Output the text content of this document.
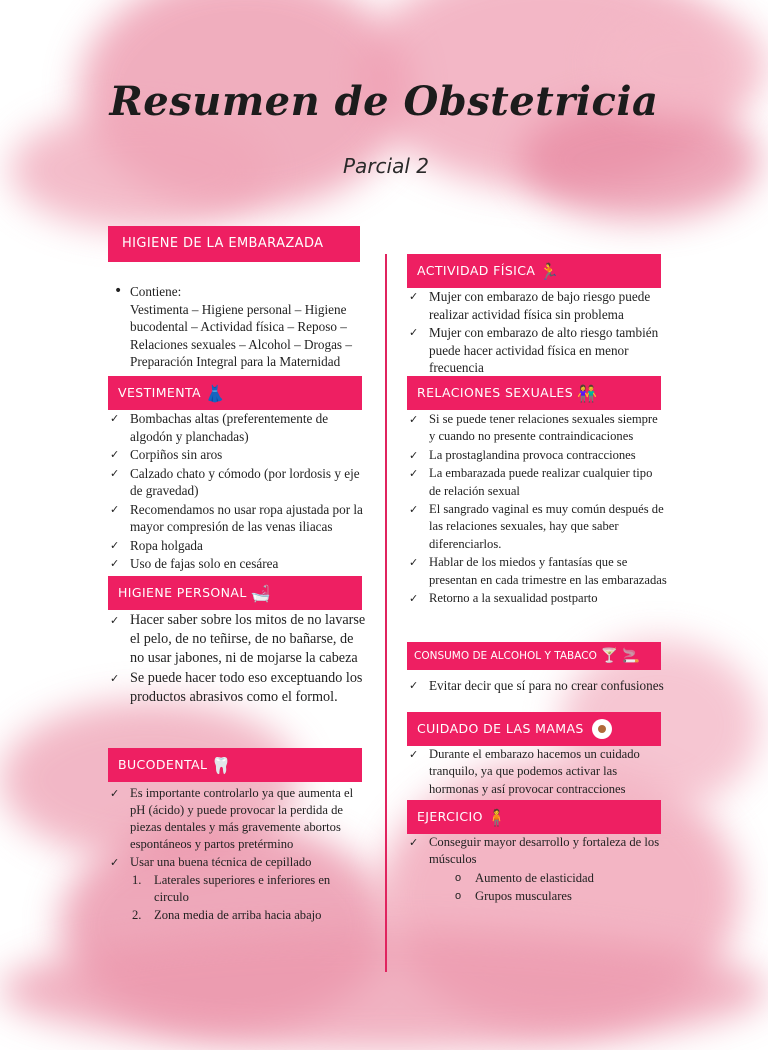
Resumen de Obstetricia
Parcial 2
HIGIENE DE LA EMBARAZADA
• Contiene:
Vestimenta – Higiene personal – Higiene bucodental – Actividad física – Reposo – Relaciones sexuales – Alcohol – Drogas – Preparación Integral para la Maternidad
VESTIMENTA 👗
✓ Bombachas altas (preferentemente de algodón y planchadas)
✓ Corpiños sin aros
✓ Calzado chato y cómodo (por lordosis y eje de gravedad)
✓ Recomendamos no usar ropa ajustada por la mayor compresión de las venas iliacas
✓ Ropa holgada
✓ Uso de fajas solo en cesárea
HIGIENE PERSONAL 🛁
✓ Hacer saber sobre los mitos de no lavarse el pelo, de no teñirse, de no bañarse, de no usar jabones, ni de mojarse la cabeza
✓ Se puede hacer todo eso exceptuando los productos abrasivos como el formol.
BUCODENTAL 🦷
✓ Es importante controlarlo ya que aumenta el pH (ácido) y puede provocar la perdida de piezas dentales y más gravemente abortos espontáneos y partos pretérmino
✓ Usar una buena técnica de cepillado
1. Laterales superiores e inferiores en circulo
2. Zona media de arriba hacia abajo
ACTIVIDAD FÍSICA 🏃
✓ Mujer con embarazo de bajo riesgo puede realizar actividad física sin problema
✓ Mujer con embarazo de alto riesgo también puede hacer actividad física en menor frecuencia
RELACIONES SEXUALES 👫
✓ Si se puede tener relaciones sexuales siempre y cuando no presente contraindicaciones
✓ La prostaglandina provoca contracciones
✓ La embarazada puede realizar cualquier tipo de relación sexual
✓ El sangrado vaginal es muy común después de las relaciones sexuales, hay que saber diferenciarlos.
✓ Hablar de los miedos y fantasías que se presentan en cada trimestre en las embarazadas
✓ Retorno a la sexualidad postparto
CONSUMO DE ALCOHOL Y TABACO 🍸 🚬
✓ Evitar decir que sí para no crear confusiones
CUIDADO DE LAS MAMAS
✓ Durante el embarazo hacemos un cuidado tranquilo, ya que podemos activar las hormonas y así provocar contracciones
EJERCICIO 🧍
✓ Conseguir mayor desarrollo y fortaleza de los músculos
o Aumento de elasticidad
o Grupos musculares
